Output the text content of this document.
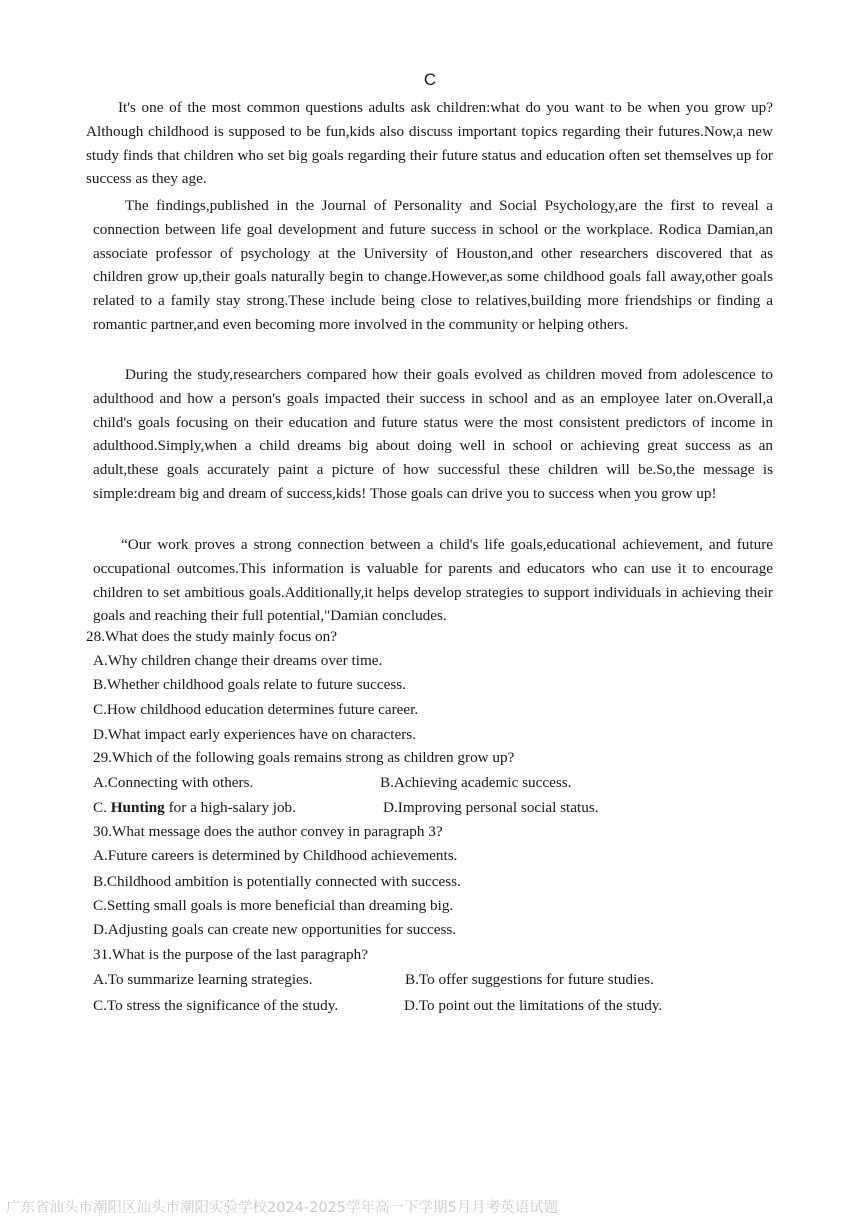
C

It's one of the most common questions adults ask children:what do you want to be when you grow up?Although childhood is supposed to be fun,kids also discuss important topics regarding their futures.Now,a new study finds that children who set big goals regarding their future status and education often set themselves up for success as they age.

The findings,published in the Journal of Personality and Social Psychology,are the first to reveal a connection between life goal development and future success in school or the workplace. Rodica Damian,an associate professor of psychology at the University of Houston,and other researchers discovered that as children grow up,their goals naturally begin to change.However,as some childhood goals fall away,other goals related to a family stay strong.These include being close to relatives,building more friendships or finding a romantic partner,and even becoming more involved in the community or helping others.

During the study,researchers compared how their goals evolved as children moved from adolescence to adulthood and how a person's goals impacted their success in school and as an employee later on.Overall,a child's goals focusing on their education and future status were the most consistent predictors of income in adulthood.Simply,when a child dreams big about doing well in school or achieving great success as an adult,these goals accurately paint a picture of how successful these children will be.So,the message is simple:dream big and dream of success,kids! Those goals can drive you to success when you grow up!

“Our work proves a strong connection between a child's life goals,educational achievement, and future occupational outcomes.This information is valuable for parents and educators who can use it to encourage children to set ambitious goals.Additionally,it helps develop strategies to support individuals in achieving their goals and reaching their full potential,"Damian concludes.

28.What does the study mainly focus on?
A.Why children change their dreams over time.
B.Whether childhood goals relate to future success.
C.How childhood education determines future career.
D.What impact early experiences have on characters.
29.Which of the following goals remains strong as children grow up?
A.Connecting with others.	B.Achieving academic success.
C. Hunting for a high-salary job.	D.Improving personal social status.
30.What message does the author convey in paragraph 3?
A.Future careers is determined by Childhood achievements.
B.Childhood ambition is potentially connected with success.
C.Setting small goals is more beneficial than dreaming big.
D.Adjusting goals can create new opportunities for success.
31.What is the purpose of the last paragraph?
A.To summarize learning strategies.	B.To offer suggestions for future studies.
C.To stress the significance of the study.	D.To point out the limitations of the study.
广东省汕头市潮阳区汕头市潮阳实验学校2024-2025学年高一下学期5月月考英语试题
